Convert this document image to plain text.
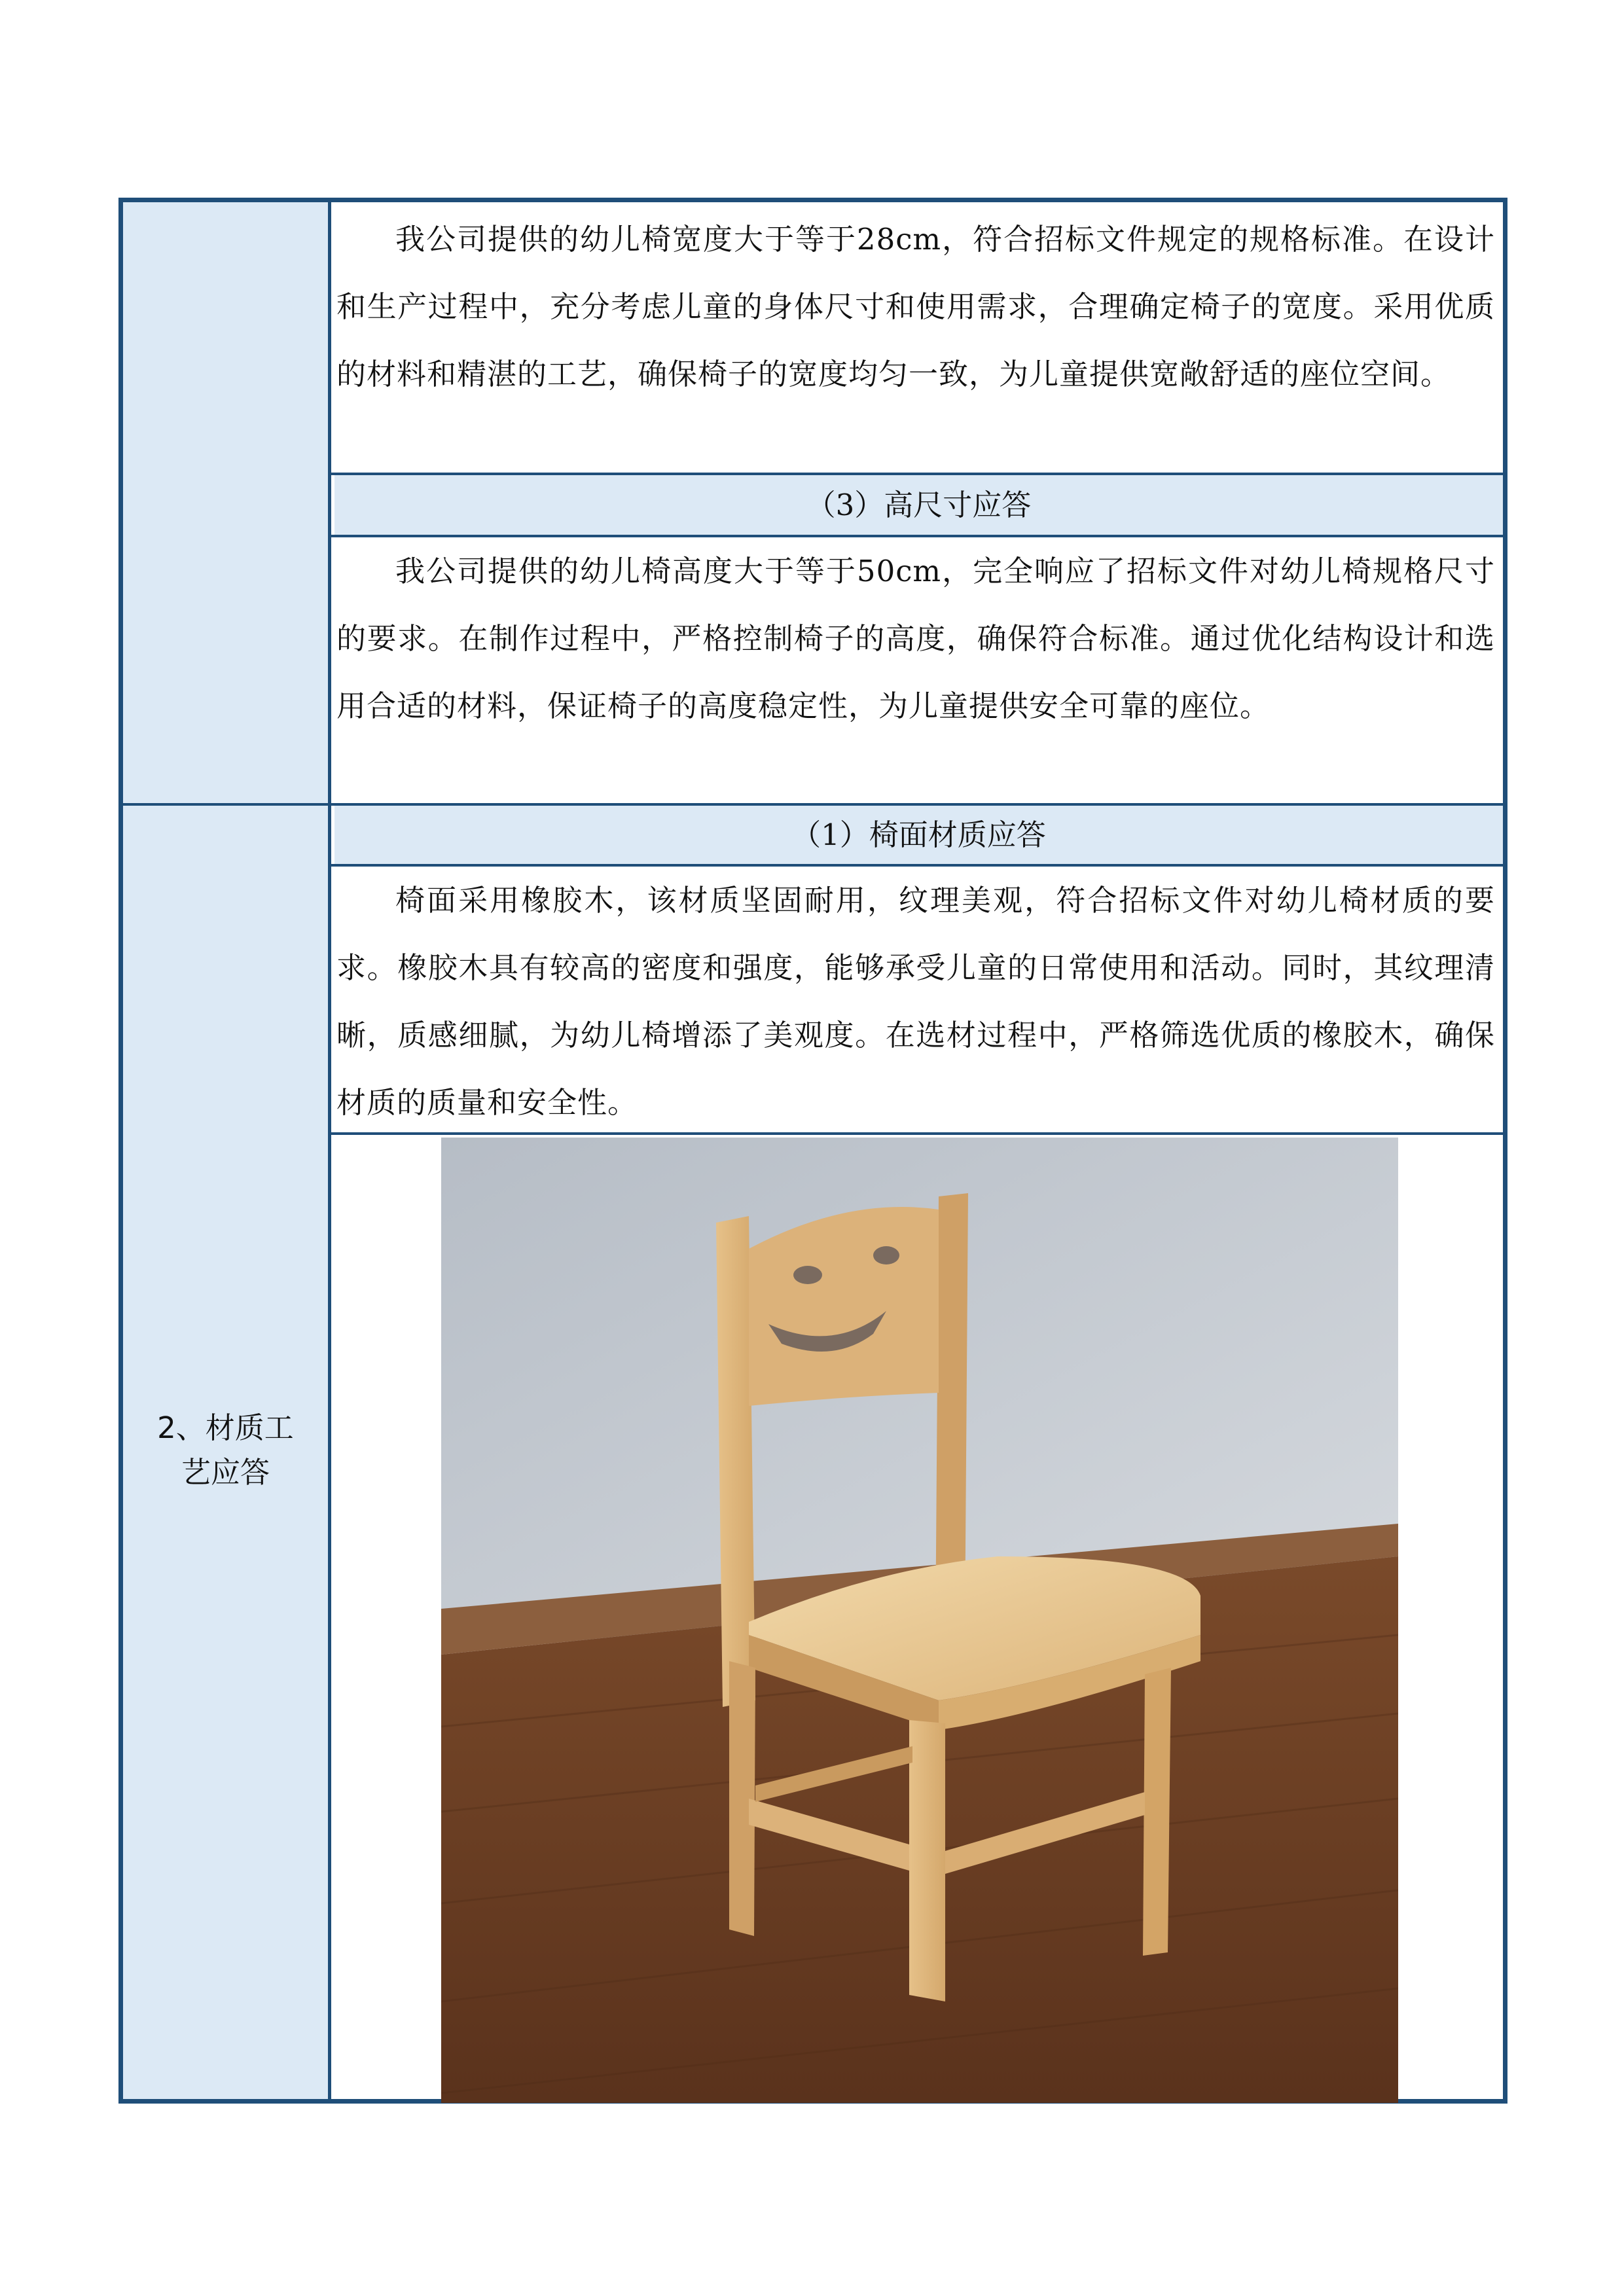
（3）高尺寸应答
（1）椅面材质应答
我公司提供的幼儿椅宽度大于等于28cm，符合招标文件规定的规格标准。在设计和生产过程中，充分考虑儿童的身体尺寸和使用需求，合理确定椅子的宽度。采用优质的材料和精湛的工艺，确保椅子的宽度均匀一致，为儿童提供宽敞舒适的座位空间。
我公司提供的幼儿椅高度大于等于50cm，完全响应了招标文件对幼儿椅规格尺寸的要求。在制作过程中，严格控制椅子的高度，确保符合标准。通过优化结构设计和选用合适的材料，保证椅子的高度稳定性，为儿童提供安全可靠的座位。
椅面采用橡胶木，该材质坚固耐用，纹理美观，符合招标文件对幼儿椅材质的要求。橡胶木具有较高的密度和强度，能够承受儿童的日常使用和活动。同时，其纹理清晰，质感细腻，为幼儿椅增添了美观度。在选材过程中，严格筛选优质的橡胶木，确保材质的质量和安全性。
2、材质工
艺应答
